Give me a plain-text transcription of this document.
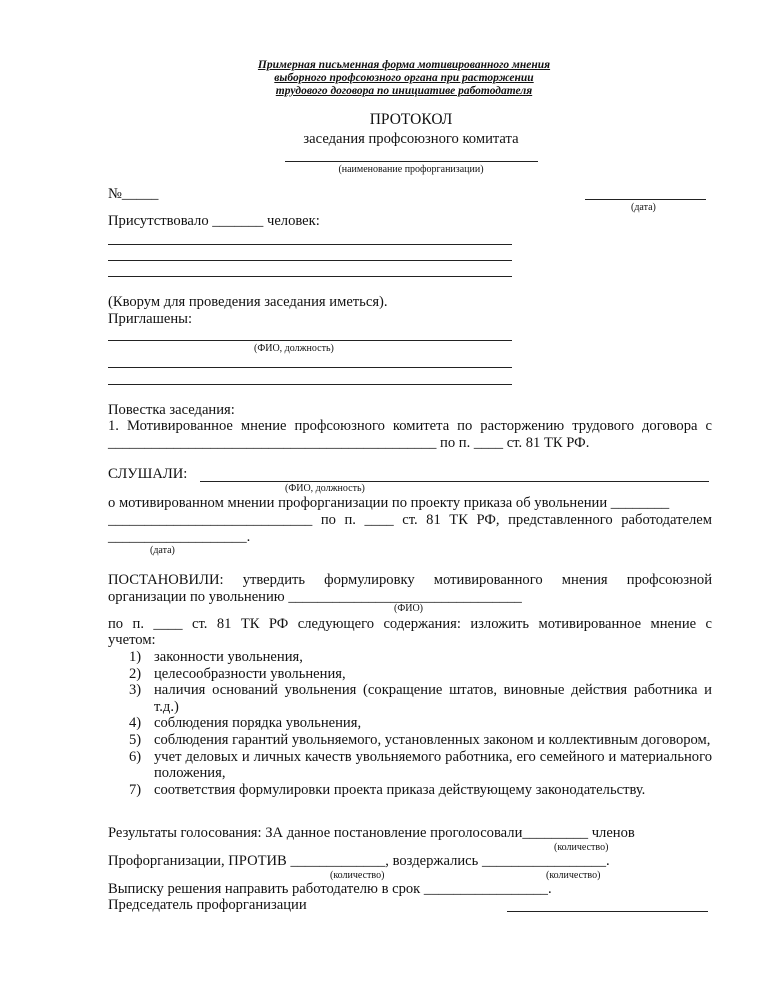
Примерная письменная форма мотивированного мнения
выборного профсоюзного органа при расторжении
трудового договора по инициативе работодателя
ПРОТОКОЛ
заседания профсоюзного комитата
(наименование профорганизации)
№_____
(дата)
Присутствовало _______ человек:
(Кворум для проведения заседания иметься).
Приглашены:
(ФИО, должность)
Повестка заседания:
1. Мотивированное мнение профсоюзного комитета по расторжению трудового договора с
_____________________________________________ по п. ____ ст. 81 ТК РФ.
СЛУШАЛИ:
(ФИО, должность)
о мотивированном мнении профорганизации по проекту приказа об увольнении ________
____________________________ по п. ____ ст. 81 ТК РФ, представленного работодателем
___________________.
(дата)
ПОСТАНОВИЛИ: утвердить формулировку мотивированного мнения профсоюзной
организации по увольнению ________________________________
(ФИО)
по п. ____ ст. 81 ТК РФ следующего содержания: изложить мотивированное мнение с
учетом:
1) законности увольнения,
2) целесообразности увольнения,
3) наличия оснований увольнения (сокращение штатов, виновные действия работника и т.д.)
4) соблюдения порядка увольнения,
5) соблюдения гарантий увольняемого, установленных законом и коллективным договором,
6) учет деловых и личных качеств увольняемого работника, его семейного и материального положения,
7) соответствия формулировки проекта приказа действующему законодательству.
Результаты голосования: ЗА данное постановление проголосовали_________ членов
(количество)
Профорганизации, ПРОТИВ _____________, воздержались _________________.
(количество)	(количество)
Выписку решения направить работодателю в срок _________________.
Председатель профорганизации
